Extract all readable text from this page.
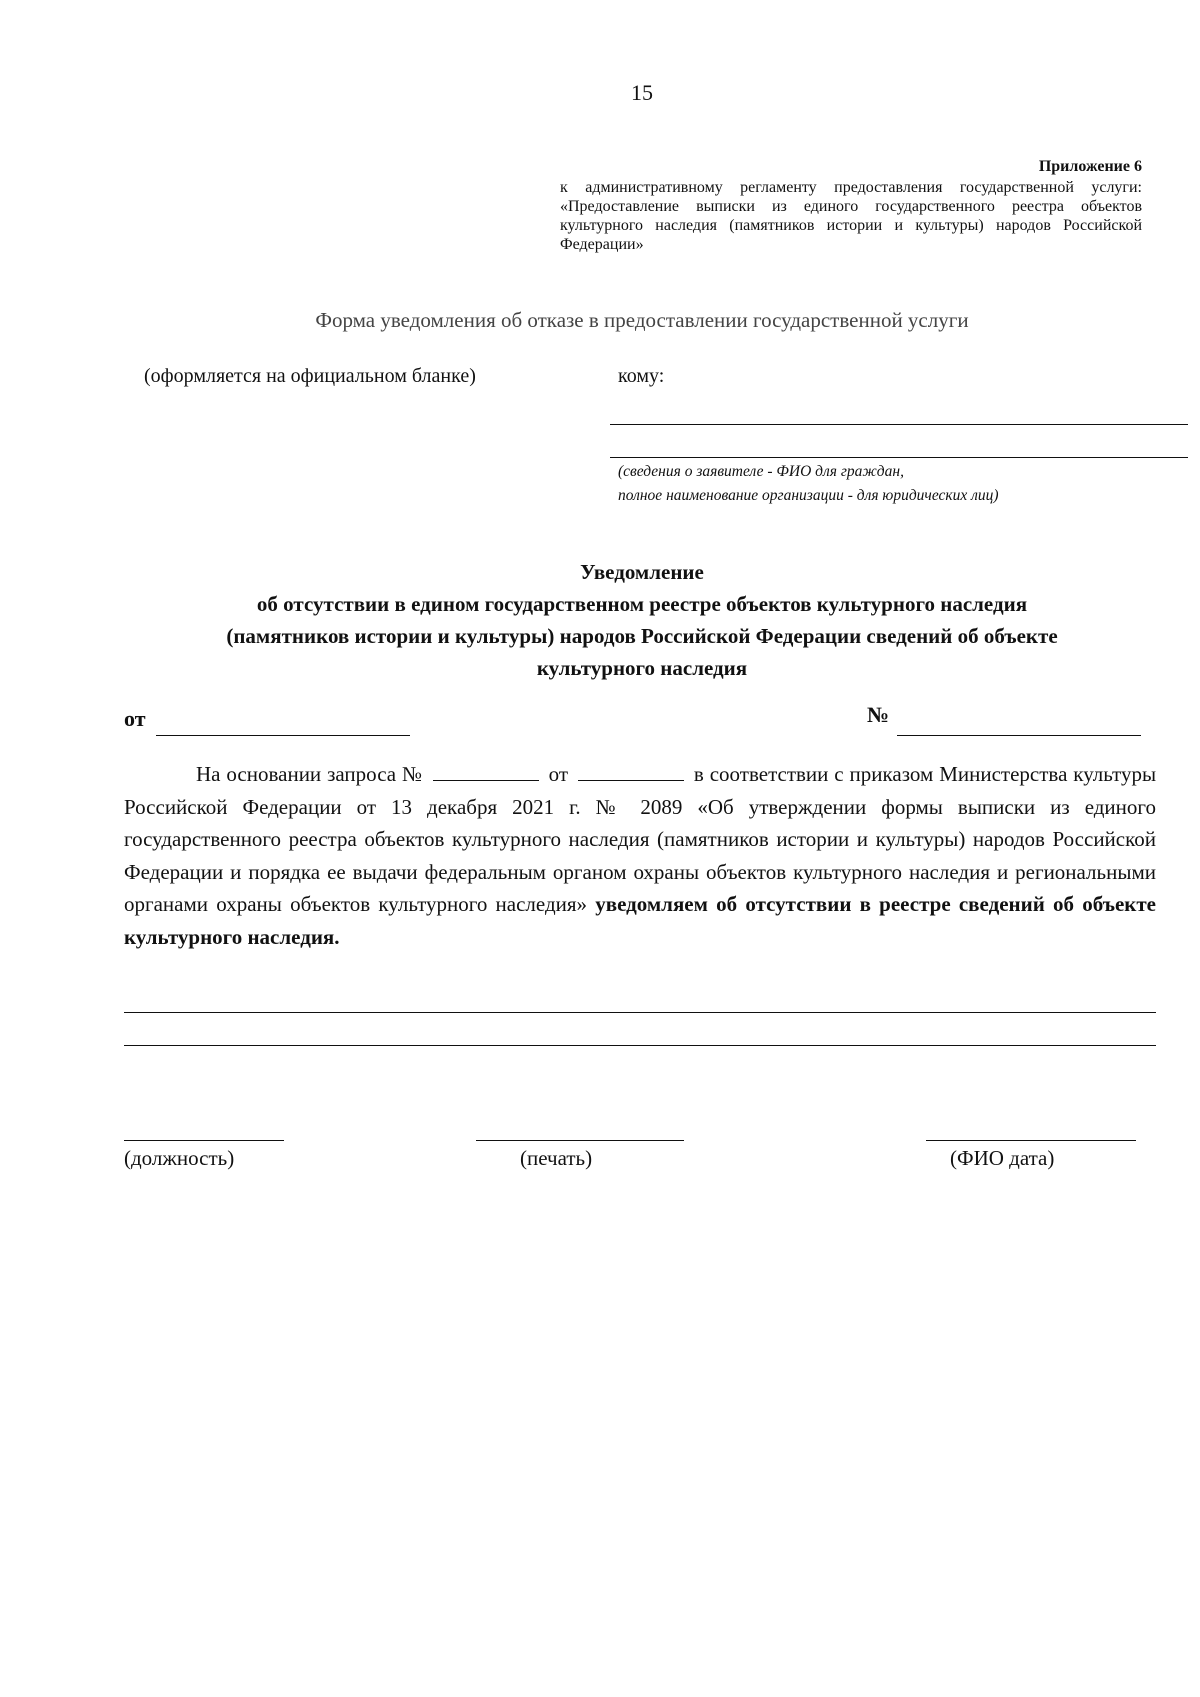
15
Приложение 6
к административному регламенту предоставления государственной услуги: «Предоставление выписки из единого государственного реестра объектов культурного наследия (памятников истории и культуры) народов Российской Федерации»
Форма уведомления об отказе в предоставлении государственной услуги
(оформляется на официальном бланке)	кому:
(сведения о заявителе - ФИО для граждан,
полное наименование организации - для юридических лиц)
Уведомление
об отсутствии в едином государственном реестре объектов культурного наследия
(памятников истории и культуры) народов Российской Федерации сведений об объекте
культурного наследия
от	№

На основании запроса №	от	в соответствии с приказом Министерства культуры Российской Федерации от 13 декабря 2021 г. № 2089 «Об утверждении формы выписки из единого государственного реестра объектов культурного наследия (памятников истории и культуры) народов Российской Федерации и порядка ее выдачи федеральным органом охраны объектов культурного наследия и региональными органами охраны объектов культурного наследия» уведомляем об отсутствии в реестре сведений об объекте культурного наследия.

(должность)	(печать)	(ФИО дата)
